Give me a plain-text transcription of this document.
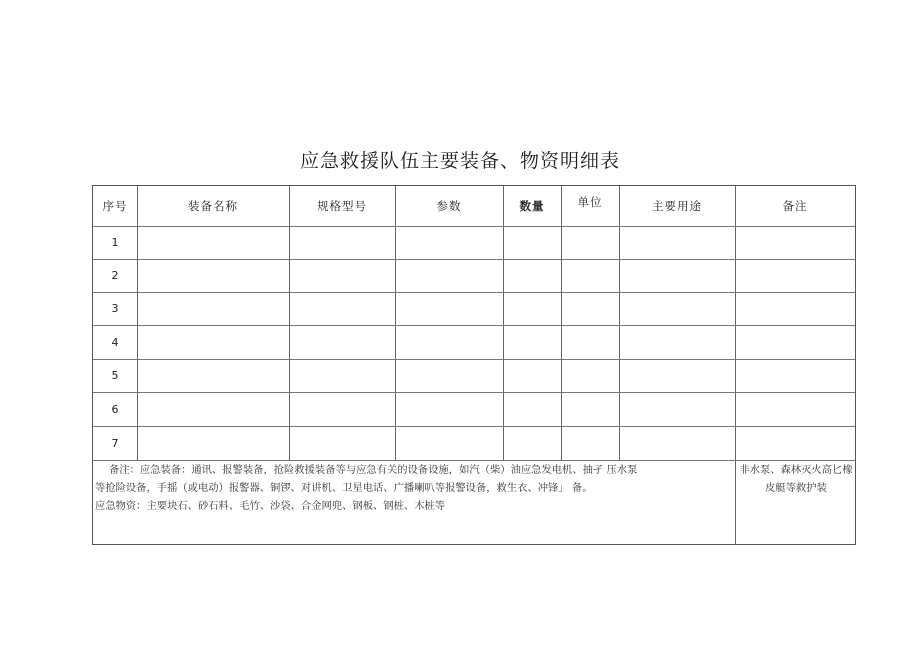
应急救援队伍主要装备、物资明细表
序号	装备名称	规格型号	参数	数量	单位	主要用途	备注
1
2
3
4
5
6
7
备注：应急装备：通讯、报警装备，抢险救援装备等与应急有关的设备设施，如汽（柴）油应急发电机、抽孑 压水泵
等抢险设备，手摇（或电动）报警器、铜锣、对讲机、卫星电话、广播喇叭等报警设备，救生衣、冲锋」 备。
应急物资：主要块石、砂石料、毛竹、沙袋、合金网兜、钢板、钢桩、木桩等
非水泵、森林灭火高匕橡皮艇等救护装
